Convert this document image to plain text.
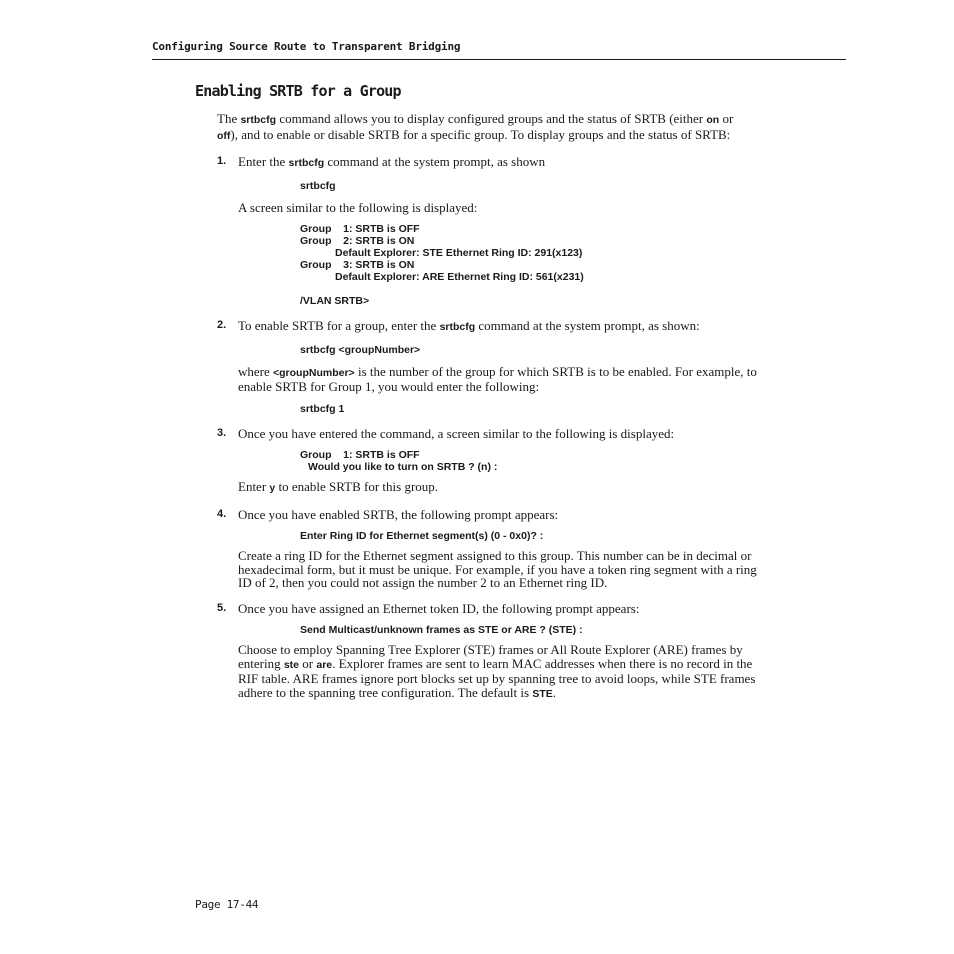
Configuring Source Route to Transparent Bridging
Enabling SRTB for a Group

The srtbcfg command allows you to display configured groups and the status of SRTB (either on or off), and to enable or disable SRTB for a specific group. To display groups and the status of SRTB:

1. Enter the srtbcfg command at the system prompt, as shown

srtbcfg

A screen similar to the following is displayed:

Group    1: SRTB is OFF
Group    2: SRTB is ON
Default Explorer: STE Ethernet Ring ID: 291(x123)
Group    3: SRTB is ON
Default Explorer: ARE Ethernet Ring ID: 561(x231)
/VLAN SRTB>
2. To enable SRTB for a group, enter the srtbcfg command at the system prompt, as shown:

srtbcfg <groupNumber>

where <groupNumber> is the number of the group for which SRTB is to be enabled. For example, to enable SRTB for Group 1, you would enter the following:

srtbcfg 1
3. Once you have entered the command, a screen similar to the following is displayed:

Group    1: SRTB is OFF
Would you like to turn on SRTB ? (n) :

Enter y to enable SRTB for this group.

4. Once you have enabled SRTB, the following prompt appears:

Enter Ring ID for Ethernet segment(s) (0 - 0x0)? :

Create a ring ID for the Ethernet segment assigned to this group. This number can be in decimal or hexadecimal form, but it must be unique. For example, if you have a token ring segment with a ring ID of 2, then you could not assign the number 2 to an Ethernet ring ID.

5. Once you have assigned an Ethernet token ID, the following prompt appears:

Send Multicast/unknown frames as STE or ARE ? (STE) :

Choose to employ Spanning Tree Explorer (STE) frames or All Route Explorer (ARE) frames by entering ste or are. Explorer frames are sent to learn MAC addresses when there is no record in the RIF table. ARE frames ignore port blocks set up by spanning tree to avoid loops, while STE frames adhere to the spanning tree configuration. The default is STE.

Page 17-44
